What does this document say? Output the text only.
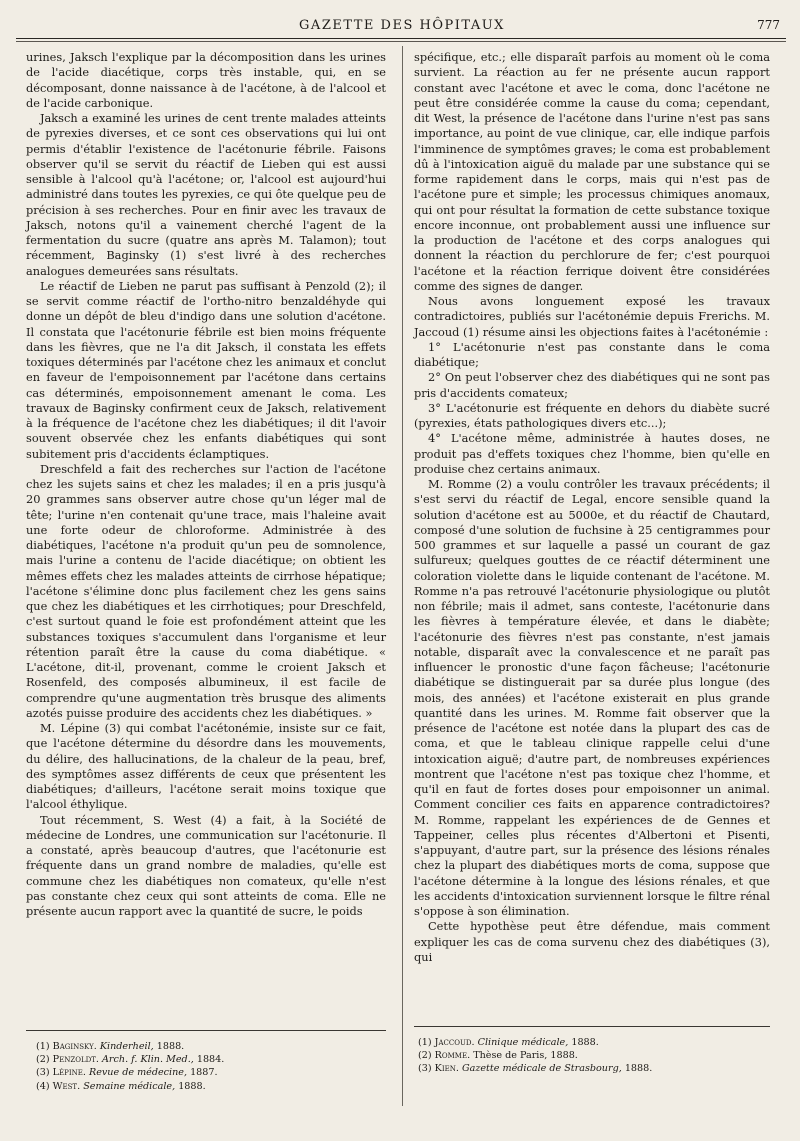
GAZETTE DES HÔPITAUX	777

urines, Jaksch l'explique par la décomposition dans les urines de l'acide diacétique, corps très instable, qui, en se décomposant, donne naissance à de l'acétone, à de l'alcool et de l'acide carbonique.

Jaksch a examiné les urines de cent trente malades atteints de pyrexies diverses, et ce sont ces observations qui lui ont permis d'établir l'existence de l'acétonurie fébrile. Faisons observer qu'il se servit du réactif de Lieben qui est aussi sensible à l'alcool qu'à l'acétone; or, l'alcool est aujourd'hui administré dans toutes les pyrexies, ce qui ôte quelque peu de précision à ses recherches. Pour en finir avec les travaux de Jaksch, notons qu'il a vainement cherché l'agent de la fermentation du sucre (quatre ans après M. Talamon); tout récemment, Baginsky (1) s'est livré à des recherches analogues demeurées sans résultats.

Le réactif de Lieben ne parut pas suffisant à Penzold (2); il se servit comme réactif de l'ortho-nitro benzaldéhyde qui donne un dépôt de bleu d'indigo dans une solution d'acétone. Il constata que l'acétonurie fébrile est bien moins fréquente dans les fièvres, que ne l'a dit Jaksch, il constata les effets toxiques déterminés par l'acétone chez les animaux et conclut en faveur de l'empoisonnement par l'acétone dans certains cas déterminés, empoisonnement amenant le coma. Les travaux de Baginsky confirment ceux de Jaksch, relativement à la fréquence de l'acétone chez les diabétiques; il dit l'avoir souvent observée chez les enfants diabétiques qui sont subitement pris d'accidents éclamptiques.

Dreschfeld a fait des recherches sur l'action de l'acétone chez les sujets sains et chez les malades; il en a pris jusqu'à 20 grammes sans observer autre chose qu'un léger mal de tête; l'urine n'en contenait qu'une trace, mais l'haleine avait une forte odeur de chloroforme. Administrée à des diabétiques, l'acétone n'a produit qu'un peu de somnolence, mais l'urine a contenu de l'acide diacétique; on obtient les mêmes effets chez les malades atteints de cirrhose hépatique; l'acétone s'élimine donc plus facilement chez les gens sains que chez les diabétiques et les cirrhotiques; pour Dreschfeld, c'est surtout quand le foie est profondément atteint que les substances toxiques s'accumulent dans l'organisme et leur rétention paraît être la cause du coma diabétique. « L'acétone, dit-il, provenant, comme le croient Jaksch et Rosenfeld, des composés albumineux, il est facile de comprendre qu'une augmentation très brusque des aliments azotés puisse produire des accidents chez les diabétiques. »

M. Lépine (3) qui combat l'acétonémie, insiste sur ce fait, que l'acétone détermine du désordre dans les mouvements, du délire, des hallucinations, de la chaleur de la peau, bref, des symptômes assez différents de ceux que présentent les diabétiques; d'ailleurs, l'acétone serait moins toxique que l'alcool éthylique.

Tout récemment, S. West (4) a fait, à la Société de médecine de Londres, une communication sur l'acétonurie. Il a constaté, après beaucoup d'autres, que l'acétonurie est fréquente dans un grand nombre de maladies, qu'elle est commune chez les diabétiques non comateux, qu'elle n'est pas constante chez ceux qui sont atteints de coma. Elle ne présente aucun rapport avec la quantité de sucre, le poids

spécifique, etc.; elle disparaît parfois au moment où le coma survient. La réaction au fer ne présente aucun rapport constant avec l'acétone et avec le coma, donc l'acétone ne peut être considérée comme la cause du coma; cependant, dit West, la présence de l'acétone dans l'urine n'est pas sans importance, au point de vue clinique, car, elle indique parfois l'imminence de symptômes graves; le coma est probablement dû à l'intoxication aiguë du malade par une substance qui se forme rapidement dans le corps, mais qui n'est pas de l'acétone pure et simple; les processus chimiques anomaux, qui ont pour résultat la formation de cette substance toxique encore inconnue, ont probablement aussi une influence sur la production de l'acétone et des corps analogues qui donnent la réaction du perchlorure de fer; c'est pourquoi l'acétone et la réaction ferrique doivent être considérées comme des signes de danger.

Nous avons longuement exposé les travaux contradictoires, publiés sur l'acétonémie depuis Frerichs. M. Jaccoud (1) résume ainsi les objections faites à l'acétonémie :

1° L'acétonurie n'est pas constante dans le coma diabétique;

2° On peut l'observer chez des diabétiques qui ne sont pas pris d'accidents comateux;

3° L'acétonurie est fréquente en dehors du diabète sucré (pyrexies, états pathologiques divers etc...);

4° L'acétone même, administrée à hautes doses, ne produit pas d'effets toxiques chez l'homme, bien qu'elle en produise chez certains animaux.

M. Romme (2) a voulu contrôler les travaux précédents; il s'est servi du réactif de Legal, encore sensible quand la solution d'acétone est au 5000e, et du réactif de Chautard, composé d'une solution de fuchsine à 25 centigrammes pour 500 grammes et sur laquelle a passé un courant de gaz sulfureux; quelques gouttes de ce réactif déterminent une coloration violette dans le liquide contenant de l'acétone. M. Romme n'a pas retrouvé l'acétonurie physiologique ou plutôt non fébrile; mais il admet, sans conteste, l'acétonurie dans les fièvres à température élevée, et dans le diabète; l'acétonurie des fièvres n'est pas constante, n'est jamais notable, disparaît avec la convalescence et ne paraît pas influencer le pronostic d'une façon fâcheuse; l'acétonurie diabétique se distinguerait par sa durée plus longue (des mois, des années) et l'acétone existerait en plus grande quantité dans les urines. M. Romme fait observer que la présence de l'acétone est notée dans la plupart des cas de coma, et que le tableau clinique rappelle celui d'une intoxication aiguë; d'autre part, de nombreuses expériences montrent que l'acétone n'est pas toxique chez l'homme, et qu'il en faut de fortes doses pour empoisonner un animal. Comment concilier ces faits en apparence contradictoires? M. Romme, rappelant les expériences de de Gennes et Tappeiner, celles plus récentes d'Albertoni et Pisenti, s'appuyant, d'autre part, sur la présence des lésions rénales chez la plupart des diabétiques morts de coma, suppose que l'acétone détermine à la longue des lésions rénales, et que les accidents d'intoxication surviennent lorsque le filtre rénal s'oppose à son élimination.

Cette hypothèse peut être défendue, mais comment expliquer les cas de coma survenu chez des diabétiques (3), qui

(1) Baginsky. Kinderheil, 1888.
(2) Penzoldt. Arch. f. Klin. Med., 1884.
(3) Lépine. Revue de médecine, 1887.
(4) West. Semaine médicale, 1888.
(1) Jaccoud. Clinique médicale, 1888.
(2) Romme. Thèse de Paris, 1888.
(3) Kien. Gazette médicale de Strasbourg, 1888.
